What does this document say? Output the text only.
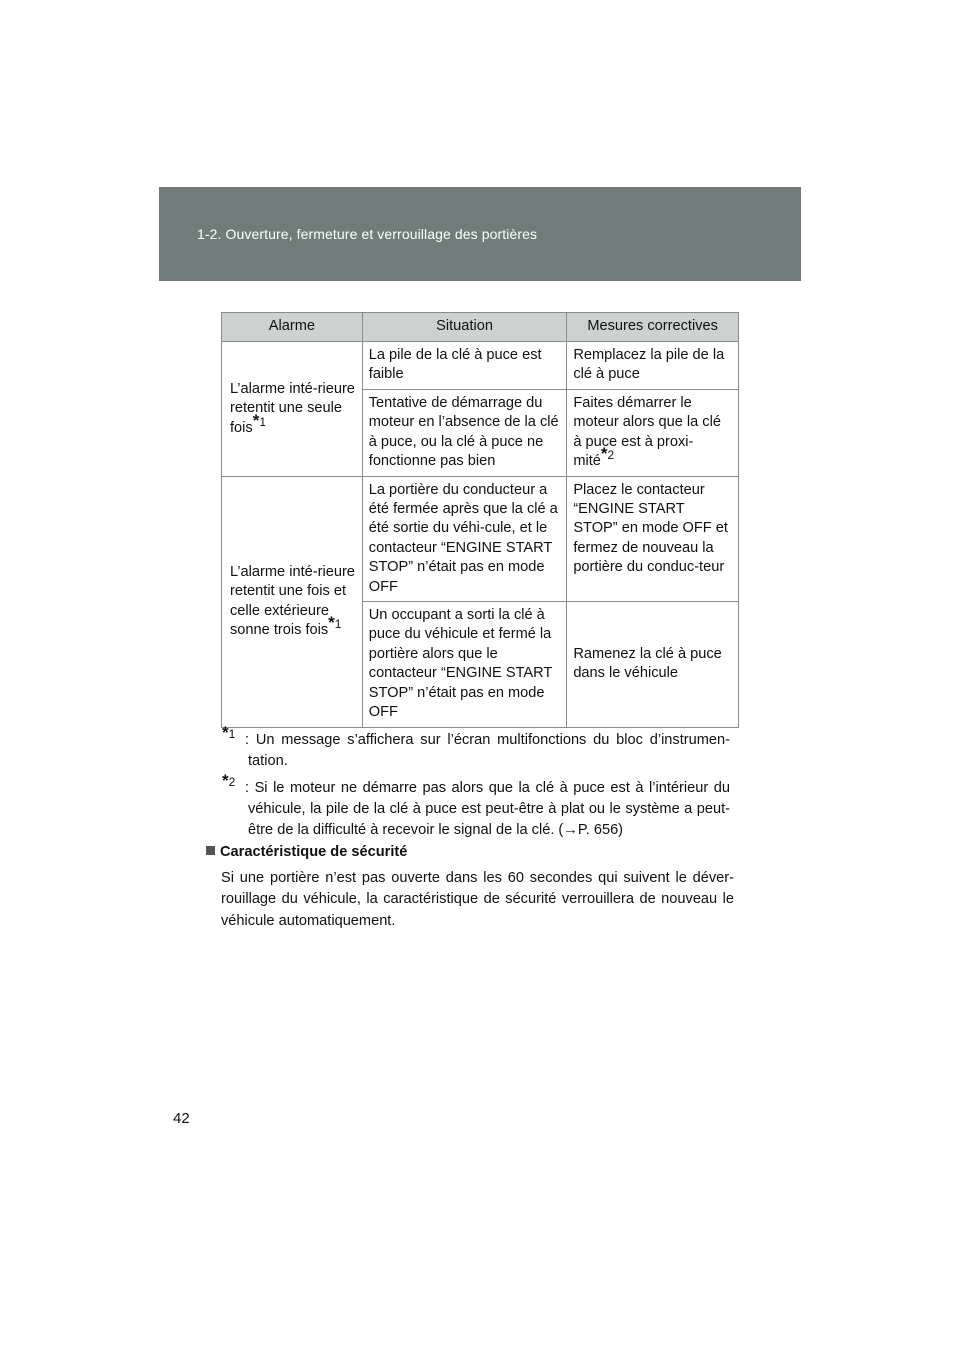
1-2. Ouverture, fermeture et verrouillage des portières
Alarme	Situation	Mesures correctives
L’alarme inté-rieure retentit une seule fois$^{*1}$	La pile de la clé à puce est faible	Remplacez la pile de la clé à puce
	Tentative de démarrage du moteur en l’absence de la clé à puce, ou la clé à puce ne fonctionne pas bien	Faites démarrer le moteur alors que la clé à puce est à proxi-mité$^{*2}$
L’alarme inté-rieure retentit une fois et celle extérieure sonne trois fois$^{*1}$	La portière du conducteur a été fermée après que la clé a été sortie du véhi-cule, et le contacteur “ENGINE START STOP” n’était pas en mode OFF	Placez le contacteur “ENGINE START STOP” en mode OFF et fermez de nouveau la portière du conduc-teur
	Un occupant a sorti la clé à puce du véhicule et fermé la portière alors que le contacteur “ENGINE START STOP” n’était pas en mode OFF	Ramenez la clé à puce dans le véhicule
$^{*1}$ : Un message s’affichera sur l’écran multifonctions du bloc d’instrumen-tation.
$^{*2}$ : Si le moteur ne démarre pas alors que la clé à puce est à l’intérieur du véhicule, la pile de la clé à puce est peut-être à plat ou le système a peut-être de la difficulté à recevoir le signal de la clé. (→P. 656)
Caractéristique de sécurité
Si une portière n’est pas ouverte dans les 60 secondes qui suivent le déver-rouillage du véhicule, la caractéristique de sécurité verrouillera de nouveau le véhicule automatiquement.
42
